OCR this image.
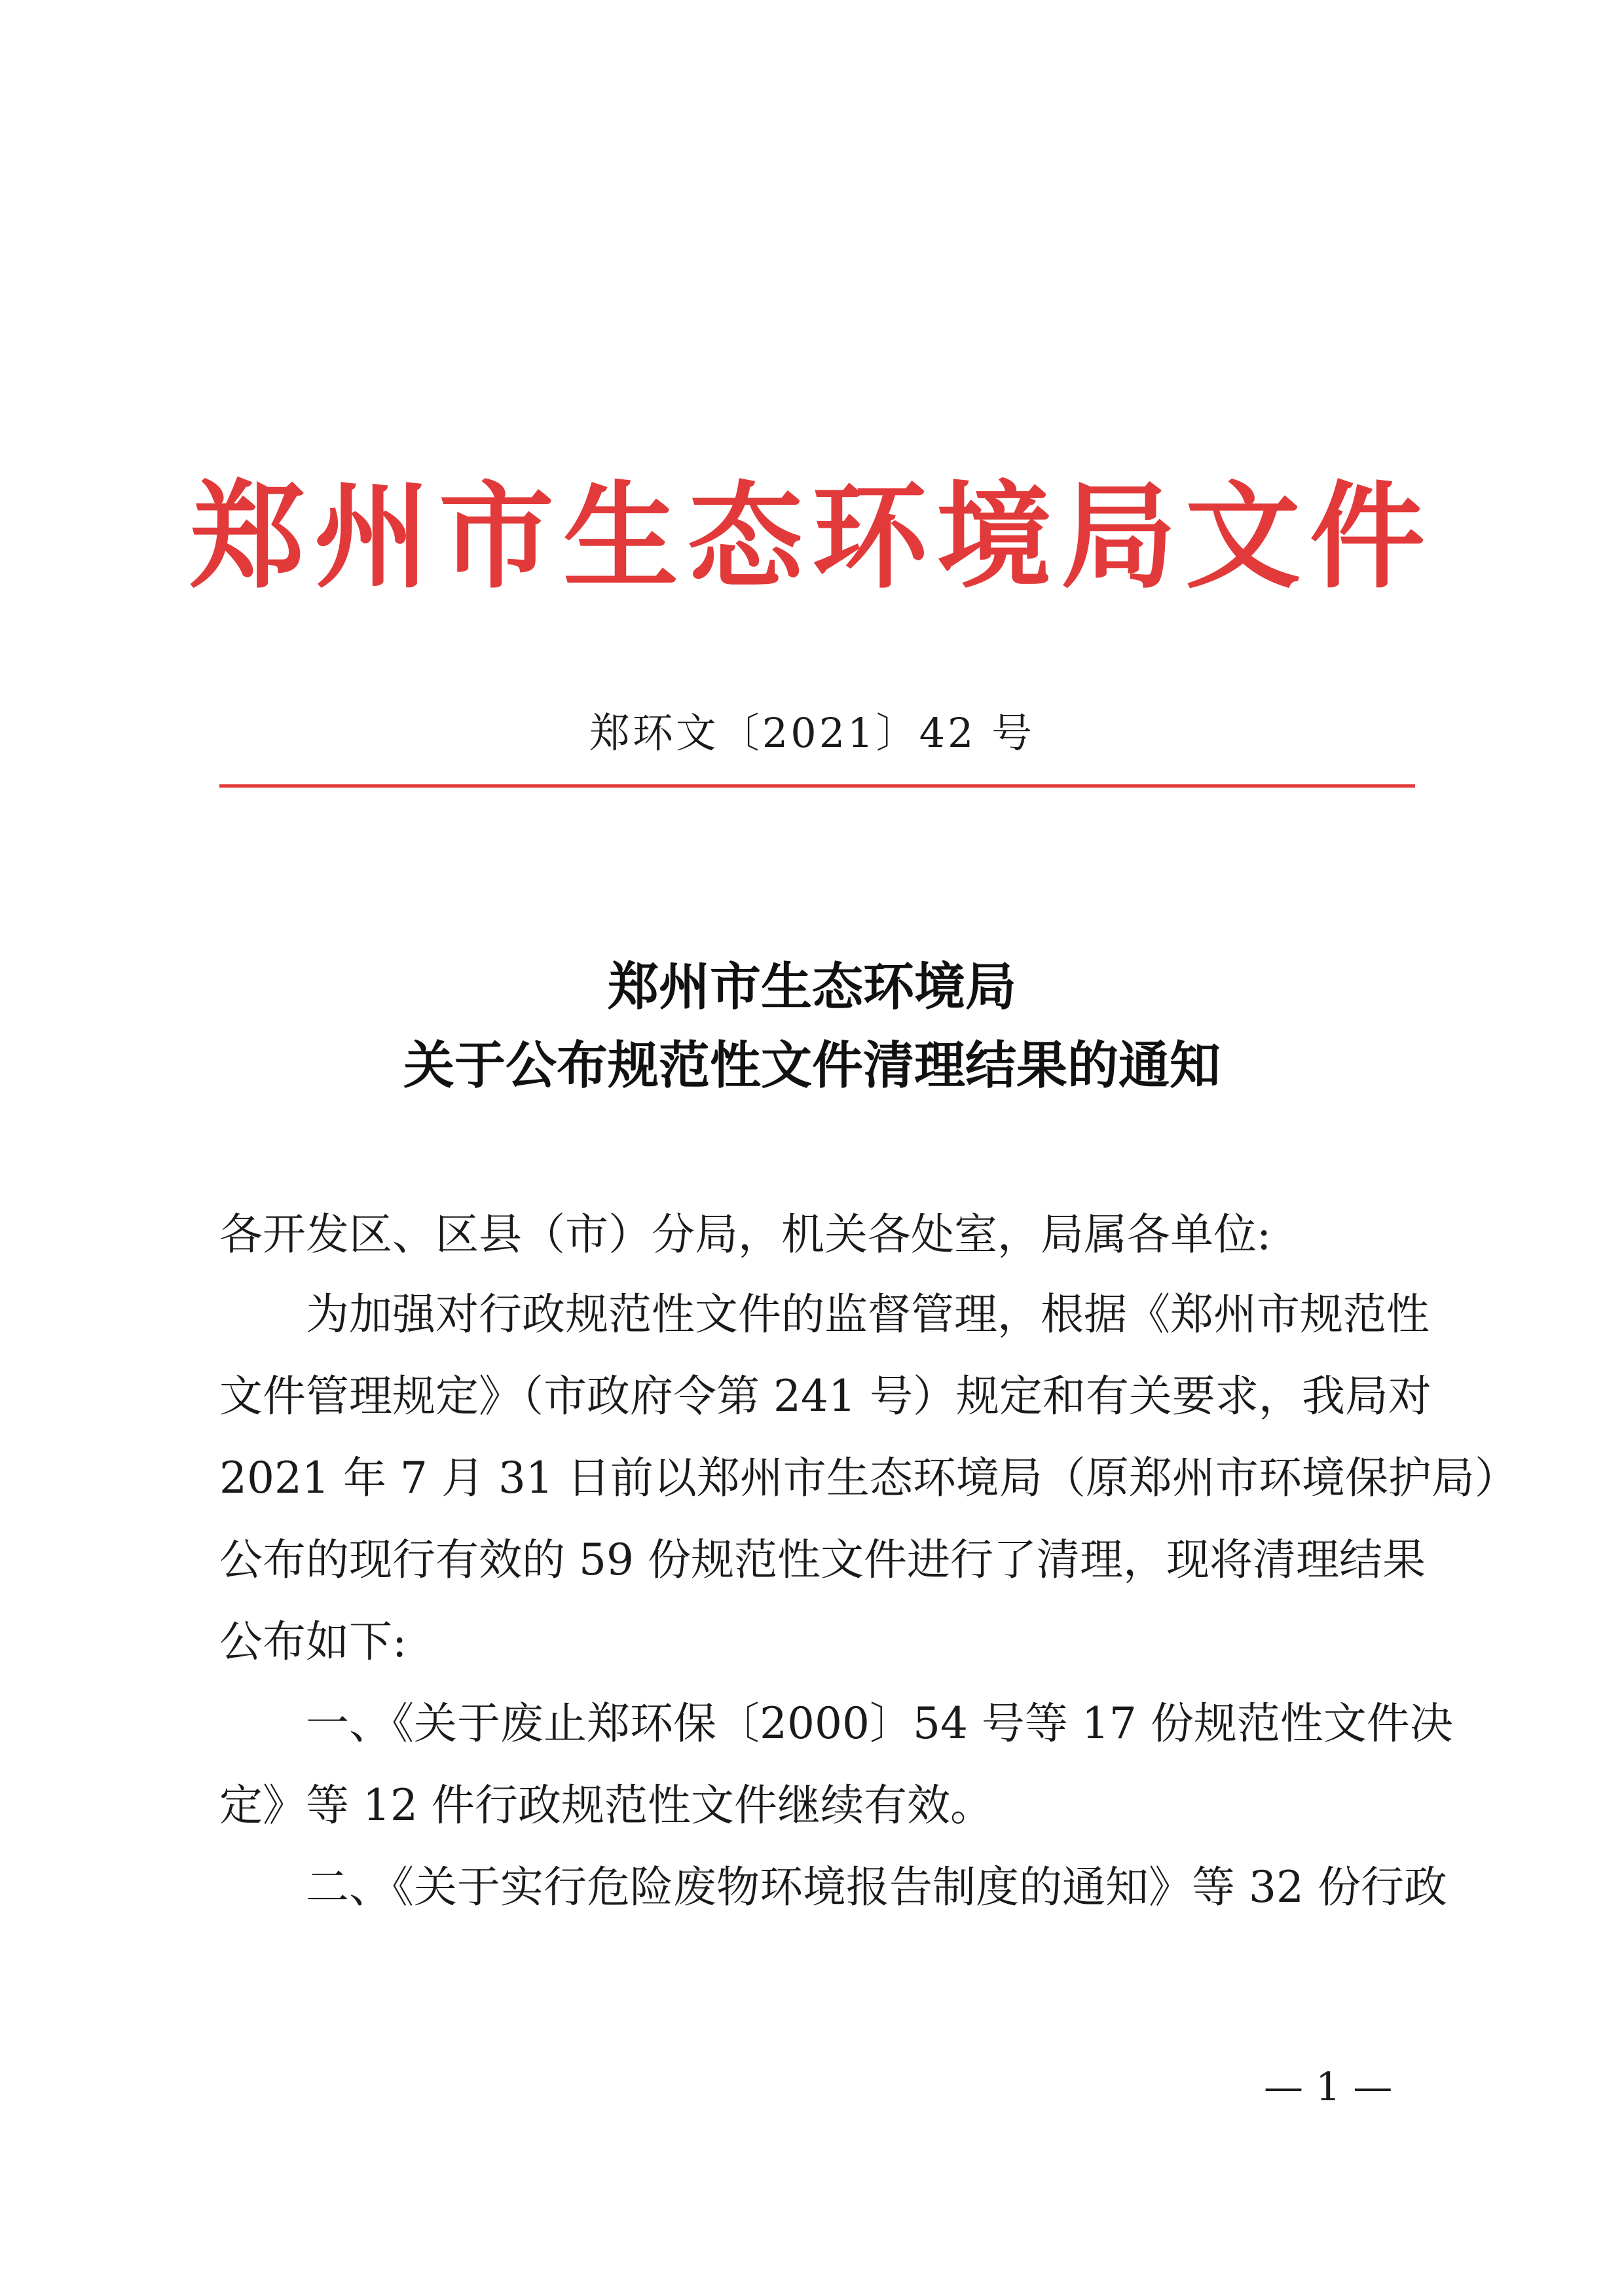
郑州市生态环境局文件
郑环文〔2021〕42 号
郑州市生态环境局
关于公布规范性文件清理结果的通知
各开发区、区县（市）分局，机关各处室，局属各单位:
为加强对行政规范性文件的监督管理，根据《郑州市规范性
文件管理规定》（市政府令第 241 号）规定和有关要求，我局对
2021 年 7 月 31 日前以郑州市生态环境局（原郑州市环境保护局）
公布的现行有效的 59 份规范性文件进行了清理，现将清理结果
公布如下:
一、《关于废止郑环保〔2000〕54 号等 17 份规范性文件决
定》等 12 件行政规范性文件继续有效。
二、《关于实行危险废物环境报告制度的通知》等 32 份行政
— 1 —
